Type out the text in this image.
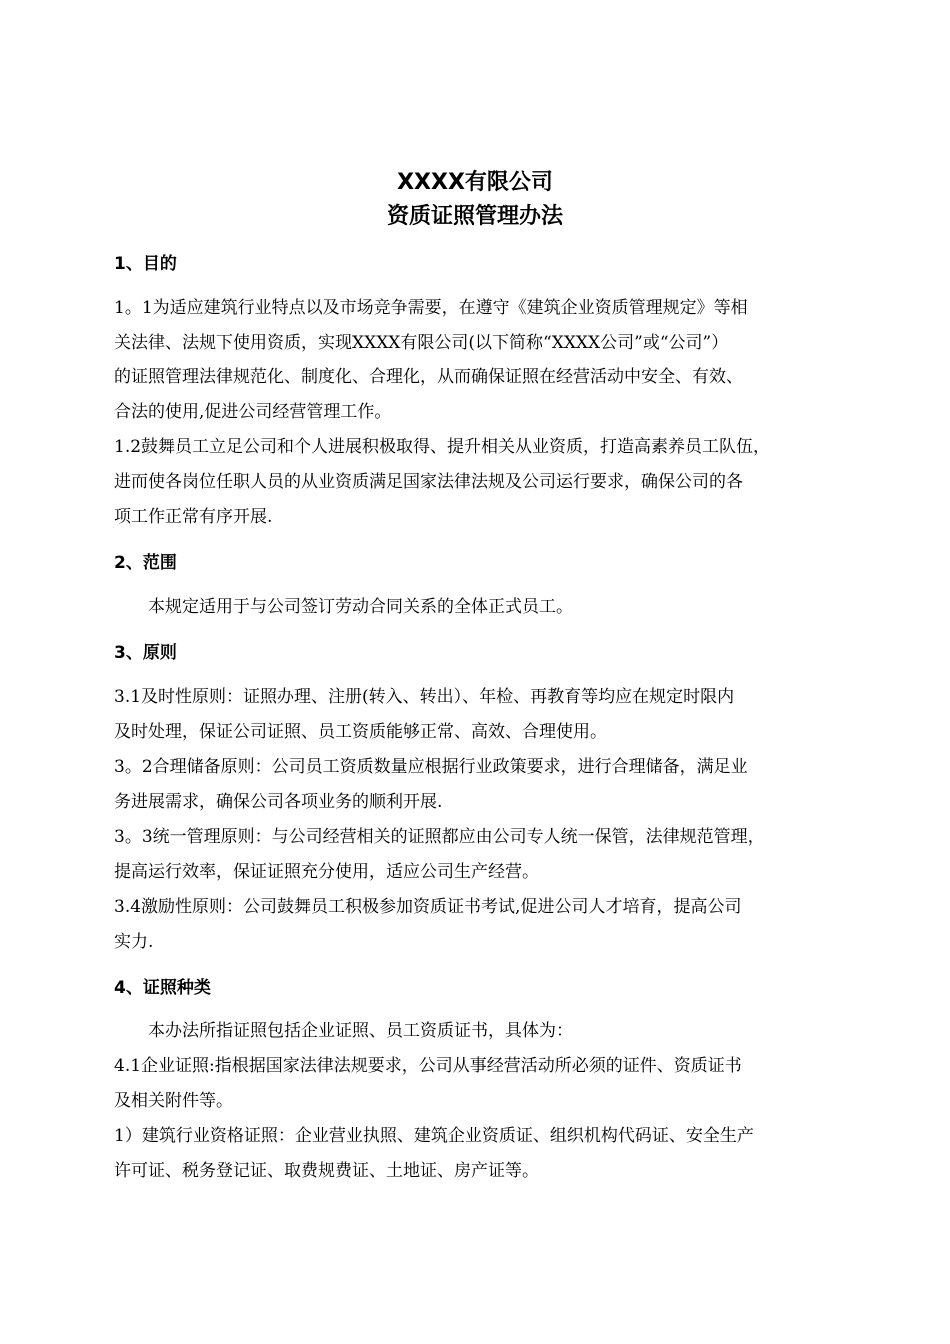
XXXX有限公司
资质证照管理办法
1、目的
1。1为适应建筑行业特点以及市场竞争需要，在遵守《建筑企业资质管理规定》等相
关法律、法规下使用资质，实现XXXX有限公司(以下简称“XXXX公司”或“公司”）
的证照管理法律规范化、制度化、合理化，从而确保证照在经营活动中安全、有效、
合法的使用,促进公司经营管理工作。
1.2鼓舞员工立足公司和个人进展积极取得、提升相关从业资质，打造高素养员工队伍，
进而使各岗位任职人员的从业资质满足国家法律法规及公司运行要求，确保公司的各
项工作正常有序开展.
2、范围
本规定适用于与公司签订劳动合同关系的全体正式员工。
3、原则
3.1及时性原则：证照办理、注册(转入、转出）、年检、再教育等均应在规定时限内
及时处理，保证公司证照、员工资质能够正常、高效、合理使用。
3。2合理储备原则：公司员工资质数量应根据行业政策要求，进行合理储备，满足业
务进展需求，确保公司各项业务的顺利开展.
3。3统一管理原则：与公司经营相关的证照都应由公司专人统一保管，法律规范管理，
提高运行效率，保证证照充分使用，适应公司生产经营。
3.4激励性原则：公司鼓舞员工积极参加资质证书考试,促进公司人才培育，提高公司
实力.
4、证照种类
本办法所指证照包括企业证照、员工资质证书，具体为：
4.1企业证照:指根据国家法律法规要求，公司从事经营活动所必须的证件、资质证书
及相关附件等。
1）建筑行业资格证照：企业营业执照、建筑企业资质证、组织机构代码证、安全生产
许可证、税务登记证、取费规费证、土地证、房产证等。
